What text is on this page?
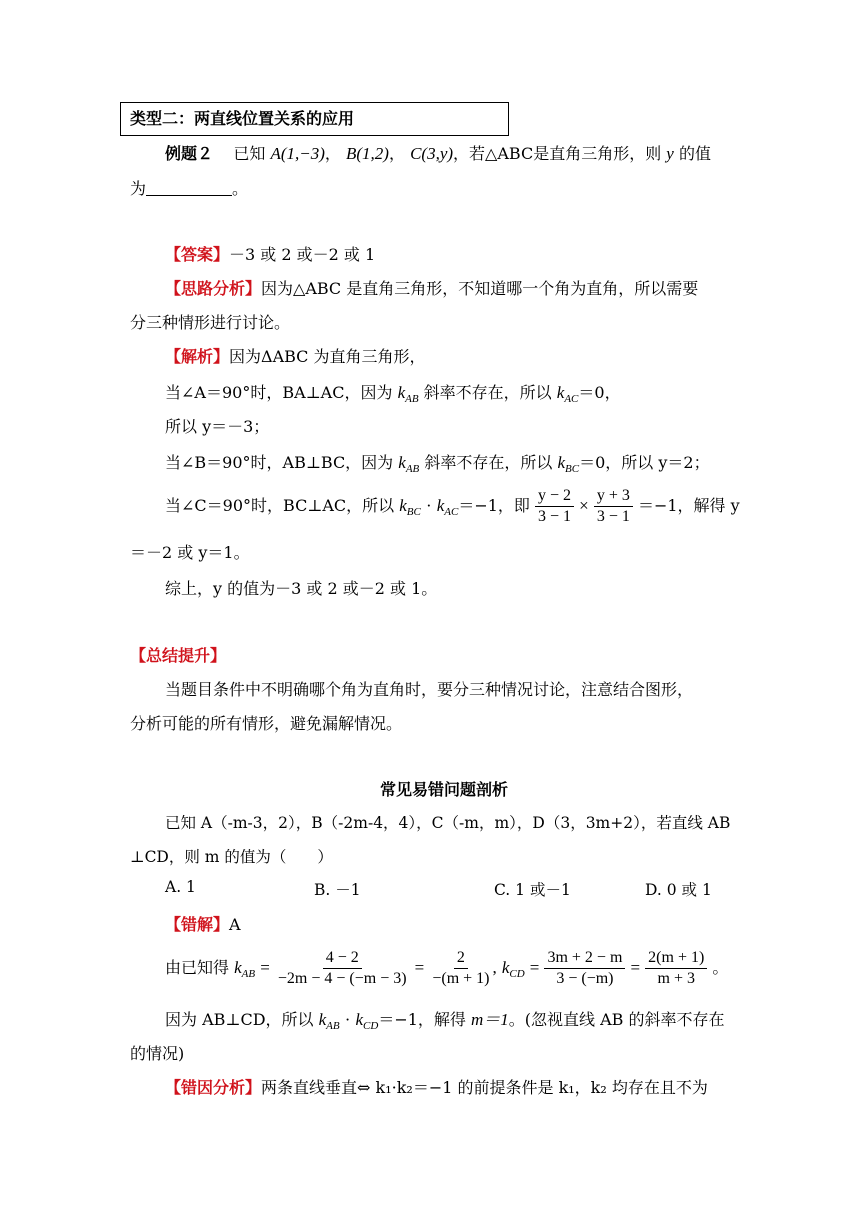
类型二：两直线位置关系的应用
例题２ 已知 A(1,−3)， B(1,2)， C(3,y)，若△ABC是直角三角形，则 y 的值
为	。
【答案】－3 或 2 或－2 或 1
【思路分析】因为△ABC 是直角三角形，不知道哪一个角为直角，所以需要
分三种情形进行讨论。
【解析】因为ΔABC 为直角三角形，
当∠A＝90°时，BA⊥AC，因为 $k_{AB}$ 斜率不存在，所以 $k_{AC}=0$，
所以 y＝－3；
当∠B＝90°时，AB⊥BC，因为 $k_{AB}$ 斜率不存在，所以 $k_{BC}=0$，所以 y＝2；
当∠C＝90°时，BC⊥AC，所以 $k_{BC} \cdot k_{AC}=-1$，即 $\frac{y - 2}{3 - 1} \times \frac{y + 3}{3 - 1} =-1$，解得 y
＝－2 或 y＝1。
综上，y 的值为－3 或 2 或－2 或 1。
【总结提升】
当题目条件中不明确哪个角为直角时，要分三种情况讨论，注意结合图形，
分析可能的所有情形，避免漏解情况。
常见易错问题剖析
已知 A（-m-3，2），B（-2m-4，4），C（-m，m），D（3，3m+2），若直线 AB
⊥CD，则 m 的值为（　　）
A. 1	B. －1	C. 1 或－1	D. 0 或 1
【错解】A
由已知得 $k_{AB} = \frac{4 - 2}{-2m - 4 - (-m - 3)} = \frac{2}{-(m + 1)}$ , $k_{CD} = \frac{3m + 2 - m}{3 - (-m)} = \frac{2(m + 1)}{m + 3}$ 。
因为 AB⊥CD，所以 $k_{AB} \cdot k_{CD}=-1$，解得 m＝1。(忽视直线 AB 的斜率不存在
的情况)
【错因分析】两条直线垂直⇔ k₁·k₂＝−1 的前提条件是 k₁，k₂ 均存在且不为
